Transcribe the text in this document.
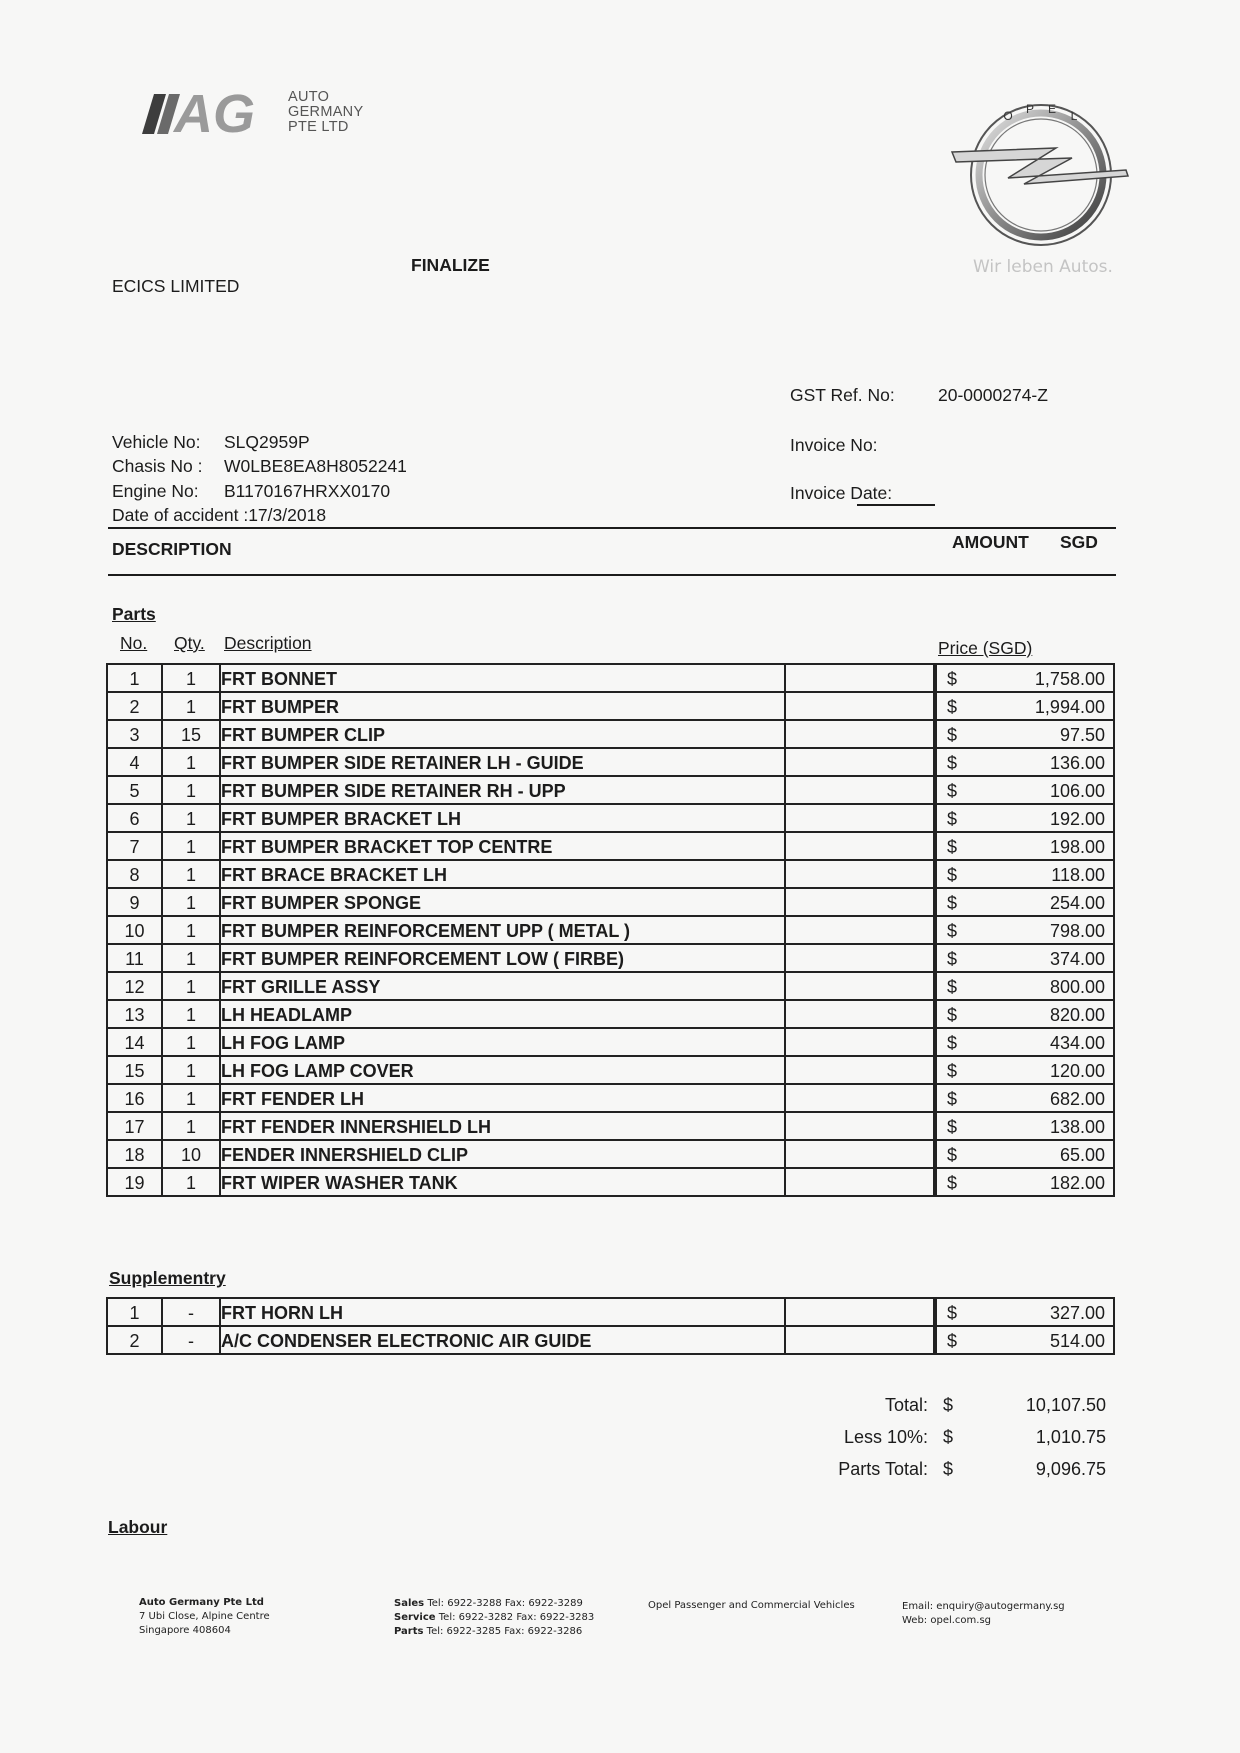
AG AUTO
GERMANY
PTE LTD
O P E L
Wir leben Autos.
ECICS LIMITED
FINALIZE
GST Ref. No: 20-0000274-Z
Invoice No:
Invoice Date:
Vehicle No: SLQ2959P
Chasis No : W0LBE8EA8H8052241
Engine No: B1170167HRXX0170
Date of accident :17/3/2018
DESCRIPTION	AMOUNT SGD
Parts
No. Qty. Description	Price (SGD)
1	1	FRT BONNET			$ 1,758.00

2	1	FRT BUMPER			$ 1,994.00

3	15	FRT BUMPER CLIP			$ 97.50

4	1	FRT BUMPER SIDE RETAINER LH - GUIDE			$ 136.00

5	1	FRT BUMPER SIDE RETAINER RH - UPP			$ 106.00

6	1	FRT BUMPER BRACKET LH			$ 192.00

7	1	FRT BUMPER BRACKET TOP CENTRE			$ 198.00

8	1	FRT BRACE BRACKET LH			$ 118.00

9	1	FRT BUMPER SPONGE			$ 254.00

10	1	FRT BUMPER REINFORCEMENT UPP ( METAL )			$ 798.00

11	1	FRT BUMPER REINFORCEMENT LOW ( FIRBE)			$ 374.00

12	1	FRT GRILLE ASSY			$ 800.00

13	1	LH HEADLAMP			$ 820.00

14	1	LH FOG LAMP			$ 434.00

15	1	LH FOG LAMP COVER			$ 120.00

16	1	FRT FENDER LH			$ 682.00

17	1	FRT FENDER INNERSHIELD LH			$ 138.00

18	10	FENDER INNERSHIELD CLIP			$ 65.00

19	1	FRT WIPER WASHER TANK			$ 182.00
Supplementry
1	-	FRT HORN LH			$ 327.00

2	-	A/C CONDENSER ELECTRONIC AIR GUIDE			$ 514.00
Total: $	10,107.50
Less 10%: $	1,010.75
Parts Total: $	9,096.75
Labour
Auto Germany Pte Ltd
7 Ubi Close, Alpine Centre
Singapore 408604
Sales Tel: 6922-3288 Fax: 6922-3289
Service Tel: 6922-3282 Fax: 6922-3283
Parts Tel: 6922-3285 Fax: 6922-3286
Opel Passenger and Commercial Vehicles	Email: enquiry@autogermany.sg
Web: opel.com.sg
